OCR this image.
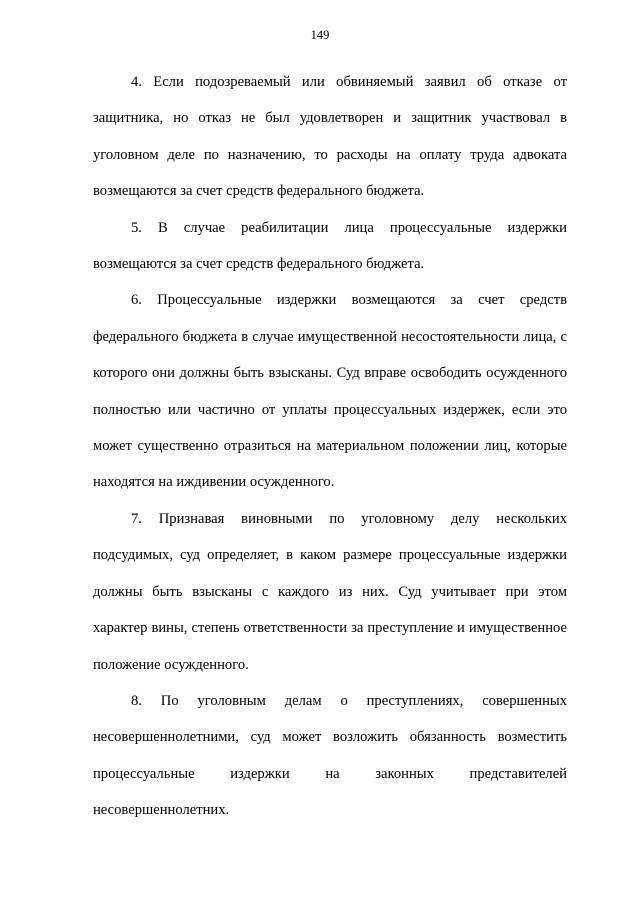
149

4. Если подозреваемый или обвиняемый заявил об отказе от
защитника, но отказ не был удовлетворен и защитник участвовал в
уголовном деле по назначению, то расходы на оплату труда адвоката
возмещаются за счет средств федерального бюджета.

5. В случае реабилитации лица процессуальные издержки
возмещаются за счет средств федерального бюджета.

6. Процессуальные издержки возмещаются за счет средств
федерального бюджета в случае имущественной несостоятельности лица, с
которого они должны быть взысканы. Суд вправе освободить осужденного
полностью или частично от уплаты процессуальных издержек, если это
может существенно отразиться на материальном положении лиц, которые
находятся на иждивении осужденного.

7. Признавая виновными по уголовному делу нескольких
подсудимых, суд определяет, в каком размере процессуальные издержки
должны быть взысканы с каждого из них. Суд учитывает при этом
характер вины, степень ответственности за преступление и имущественное
положение осужденного.

8. По уголовным делам о преступлениях, совершенных
несовершеннолетними, суд может возложить обязанность возместить
процессуальные издержки на законных представителей
несовершеннолетних.
